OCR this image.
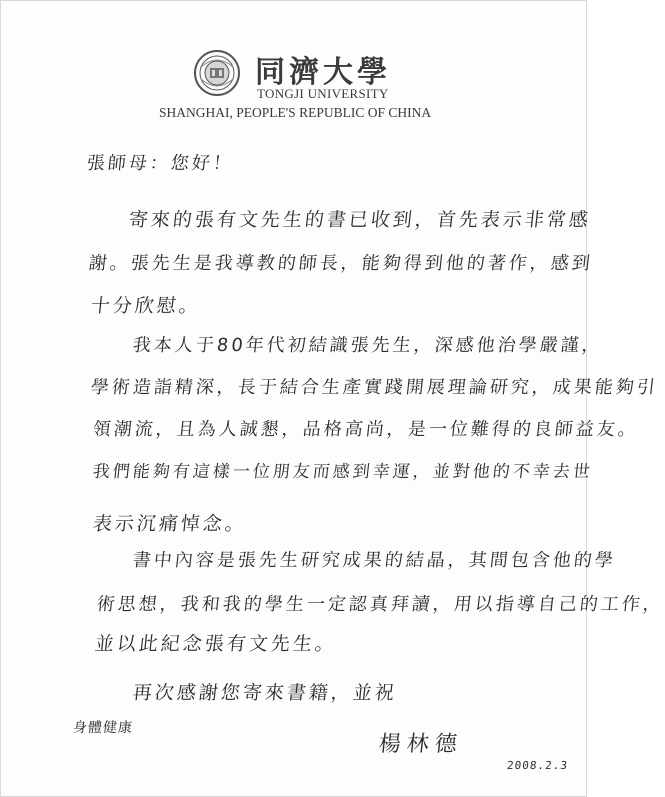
同濟大學
TONGJI UNIVERSITY
SHANGHAI, PEOPLE'S REPUBLIC OF CHINA
張師母：您好！
寄來的張有文先生的書已收到，首先表示非常感
謝。張先生是我導教的師長，能夠得到他的著作，感到
十分欣慰。
我本人于80年代初結識張先生，深感他治學嚴謹，
學術造詣精深，長于結合生產實踐開展理論研究，成果能夠引
領潮流，且為人誠懇，品格高尚，是一位難得的良師益友。
我們能夠有這樣一位朋友而感到幸運，並對他的不幸去世
表示沉痛悼念。
書中內容是張先生研究成果的結晶，其間包含他的學
術思想，我和我的學生一定認真拜讀，用以指導自己的工作，
並以此紀念張有文先生。
再次感謝您寄來書籍，並祝
身體健康
楊林德
2008.2.3
